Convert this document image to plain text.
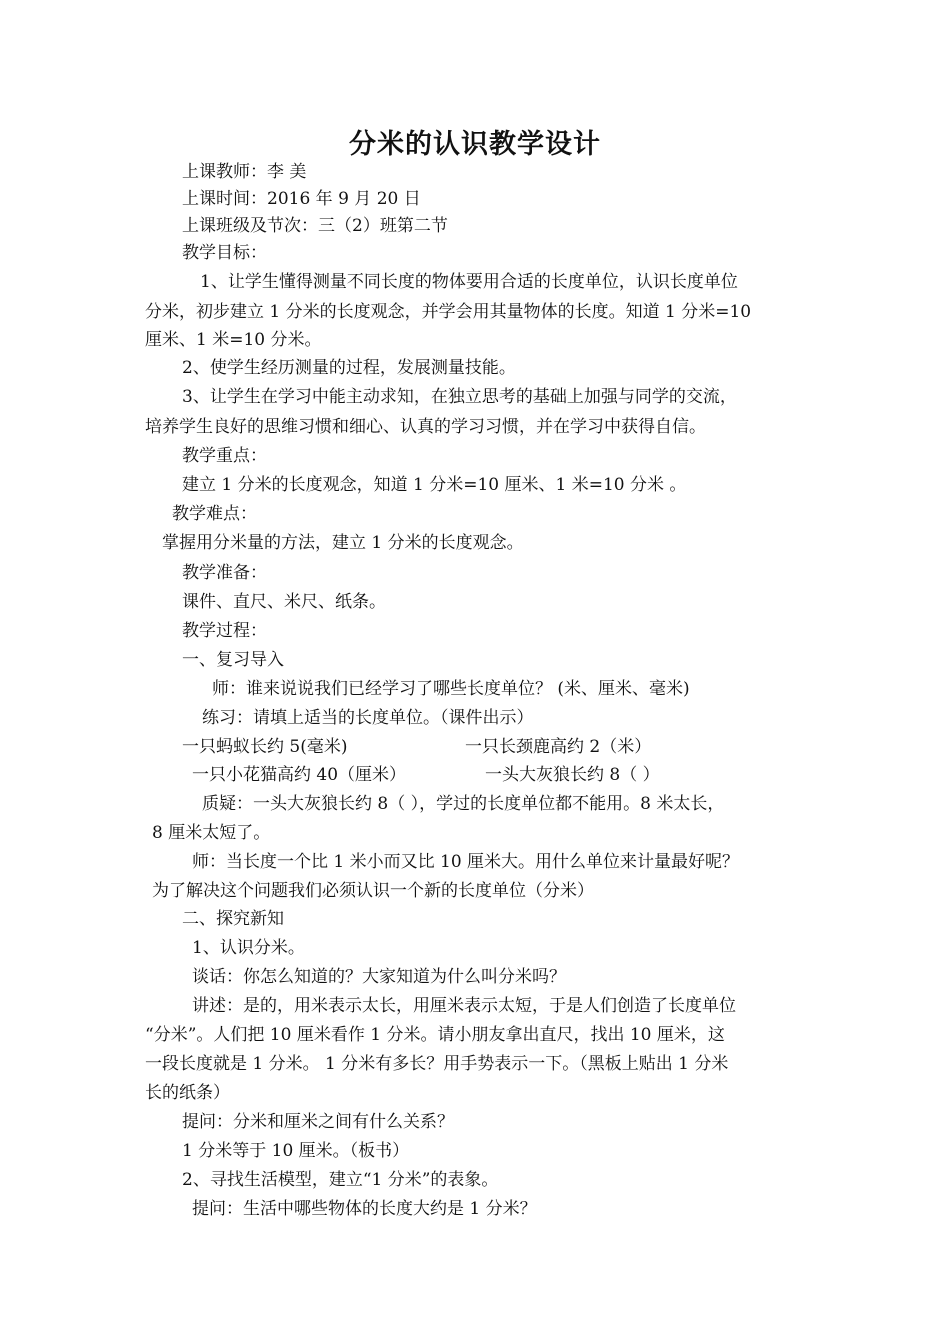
分米的认识教学设计
上课教师：李 美
上课时间：2016 年 9 月 20 日
上课班级及节次：三（2）班第二节
教学目标：
1、让学生懂得测量不同长度的物体要用合适的长度单位，认识长度单位
分米，初步建立 1 分米的长度观念，并学会用其量物体的长度。知道 1 分米=10
厘米、1 米=10 分米。
2、使学生经历测量的过程，发展测量技能。
3、让学生在学习中能主动求知，在独立思考的基础上加强与同学的交流，
培养学生良好的思维习惯和细心、认真的学习习惯，并在学习中获得自信。
教学重点：
建立 1 分米的长度观念，知道 1 分米=10 厘米、1 米=10 分米 。
教学难点：
掌握用分米量的方法，建立 1 分米的长度观念。
教学准备：
课件、直尺、米尺、纸条。
教学过程：
一、复习导入
师：谁来说说我们已经学习了哪些长度单位？ (米、厘米、毫米)
练习：请填上适当的长度单位。（课件出示）
一只蚂蚁长约 5(毫米)	一只长颈鹿高约 2（米）
一只小花猫高约 40（厘米）	一头大灰狼长约 8（ ）
质疑：一头大灰狼长约 8（ ），学过的长度单位都不能用。8 米太长，
8 厘米太短了。
师：当长度一个比 1 米小而又比 10 厘米大。用什么单位来计量最好呢？
为了解决这个问题我们必须认识一个新的长度单位（分米）
二、探究新知
1、认识分米。
谈话：你怎么知道的？大家知道为什么叫分米吗？
讲述：是的，用米表示太长，用厘米表示太短，于是人们创造了长度单位
“分米”。人们把 10 厘米看作 1 分米。请小朋友拿出直尺，找出 10 厘米，这
一段长度就是 1 分米。 1 分米有多长？用手势表示一下。（黑板上贴出 1 分米
长的纸条）
提问：分米和厘米之间有什么关系？
1 分米等于 10 厘米。（板书）
2、寻找生活模型，建立“1 分米”的表象。
提问：生活中哪些物体的长度大约是 1 分米？
